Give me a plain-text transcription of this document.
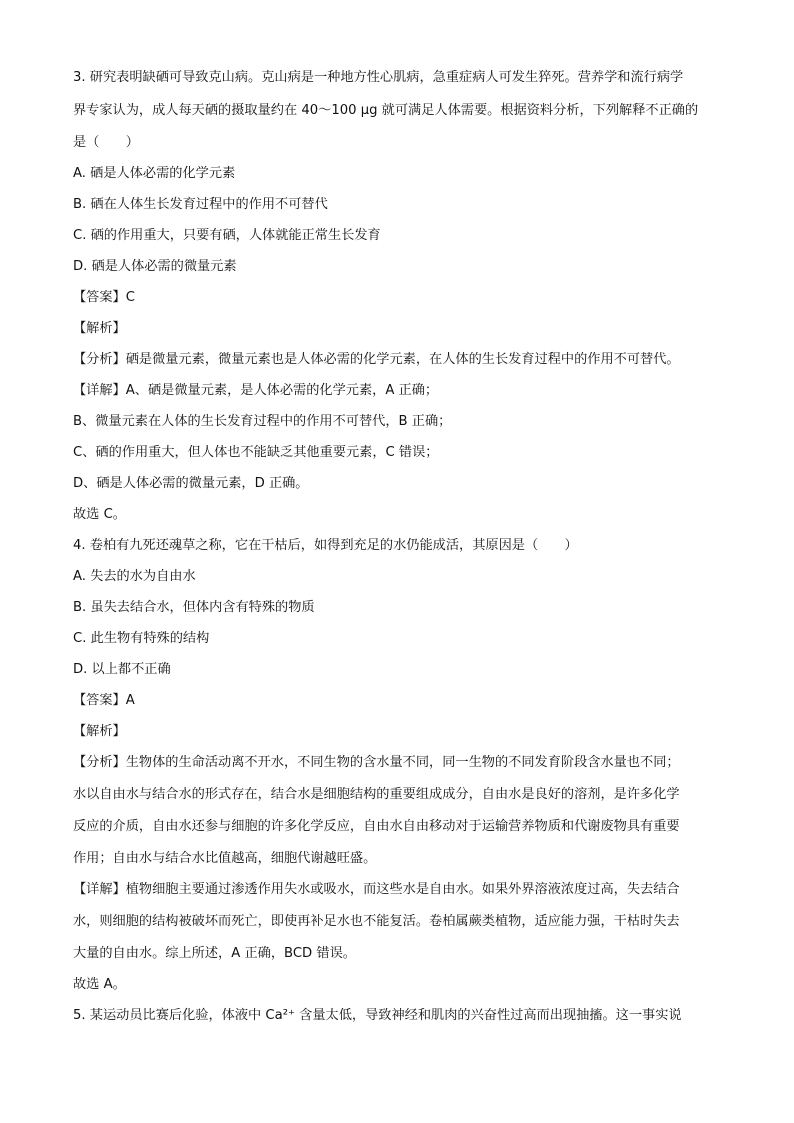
3. 研究表明缺硒可导致克山病。克山病是一种地方性心肌病，急重症病人可发生猝死。营养学和流行病学

界专家认为，成人每天硒的摄取量约在 40～100 μg 就可满足人体需要。根据资料分析，下列解释不正确的

是（　　）

A. 硒是人体必需的化学元素

B. 硒在人体生长发育过程中的作用不可替代

C. 硒的作用重大，只要有硒，人体就能正常生长发育

D. 硒是人体必需的微量元素

【答案】C

【解析】

【分析】硒是微量元素，微量元素也是人体必需的化学元素，在人体的生长发育过程中的作用不可替代。

【详解】A、硒是微量元素，是人体必需的化学元素，A 正确；

B、微量元素在人体的生长发育过程中的作用不可替代，B 正确；

C、硒的作用重大，但人体也不能缺乏其他重要元素，C 错误；

D、硒是人体必需的微量元素，D 正确。

故选 C。

4. 卷柏有九死还魂草之称，它在干枯后，如得到充足的水仍能成活，其原因是（　　）

A. 失去的水为自由水

B. 虽失去结合水，但体内含有特殊的物质

C. 此生物有特殊的结构

D. 以上都不正确

【答案】A

【解析】

【分析】生物体的生命活动离不开水，不同生物的含水量不同，同一生物的不同发育阶段含水量也不同；

水以自由水与结合水的形式存在，结合水是细胞结构的重要组成成分，自由水是良好的溶剂，是许多化学

反应的介质，自由水还参与细胞的许多化学反应，自由水自由移动对于运输营养物质和代谢废物具有重要

作用；自由水与结合水比值越高，细胞代谢越旺盛。

【详解】植物细胞主要通过渗透作用失水或吸水，而这些水是自由水。如果外界溶液浓度过高，失去结合

水，则细胞的结构被破坏而死亡，即使再补足水也不能复活。卷柏属蕨类植物，适应能力强，干枯时失去

大量的自由水。综上所述，A 正确，BCD 错误。

故选 A。

5. 某运动员比赛后化验，体液中 Ca²⁺ 含量太低，导致神经和肌肉的兴奋性过高而出现抽搐。这一事实说
